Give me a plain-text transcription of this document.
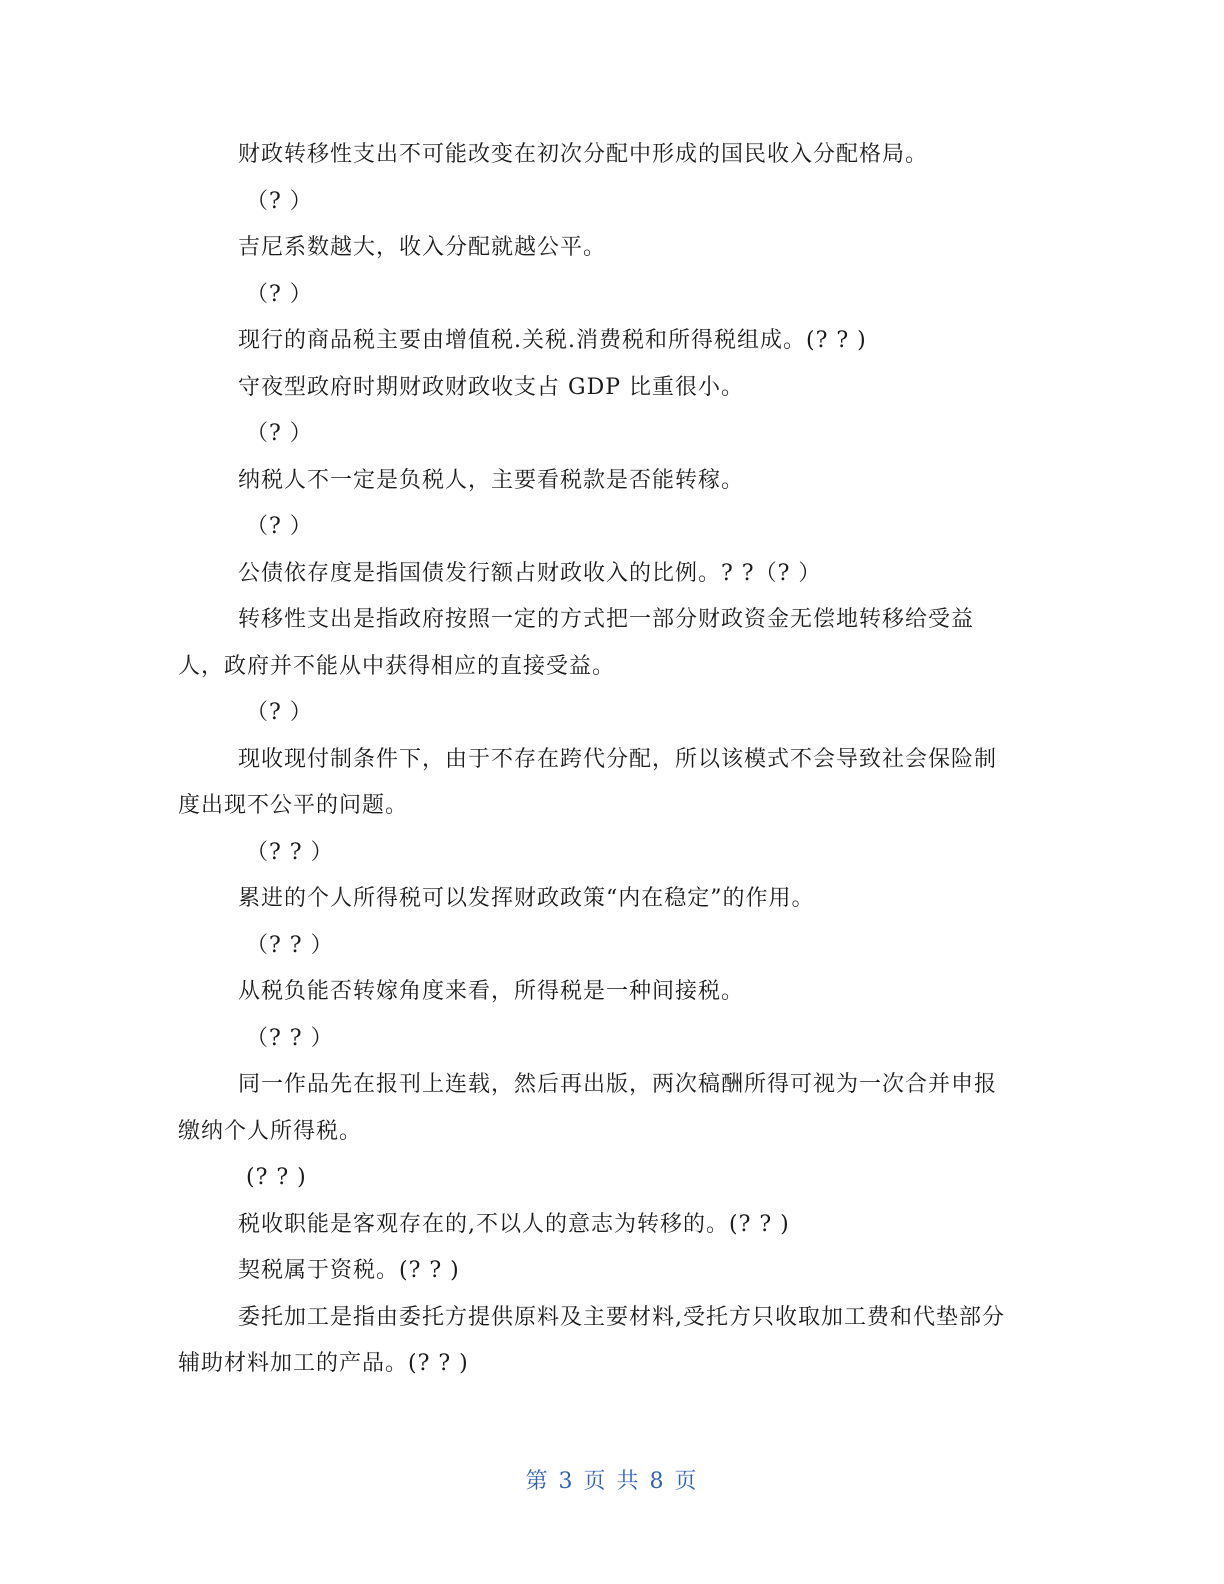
财政转移性支出不可能改变在初次分配中形成的国民收入分配格局。
（? ）
吉尼系数越大，收入分配就越公平。
（? ）
现行的商品税主要由增值税.关税.消费税和所得税组成。(? ? )
守夜型政府时期财政财政收支占 GDP 比重很小。
（? ）
纳税人不一定是负税人，主要看税款是否能转稼。
（? ）
公债依存度是指国债发行额占财政收入的比例。? ?（? ）
转移性支出是指政府按照一定的方式把一部分财政资金无偿地转移给受益
人，政府并不能从中获得相应的直接受益。
（? ）
现收现付制条件下，由于不存在跨代分配，所以该模式不会导致社会保险制
度出现不公平的问题。
（? ? ）
累进的个人所得税可以发挥财政政策“内在稳定”的作用。
（? ? ）
从税负能否转嫁角度来看，所得税是一种间接税。
（? ? ）
同一作品先在报刊上连载，然后再出版，两次稿酬所得可视为一次合并申报
缴纳个人所得税。
(? ? )
税收职能是客观存在的,不以人的意志为转移的。(? ? )
契税属于资税。(? ? )
委托加工是指由委托方提供原料及主要材料,受托方只收取加工费和代垫部分
辅助材料加工的产品。(? ? )
第 3 页 共 8 页
